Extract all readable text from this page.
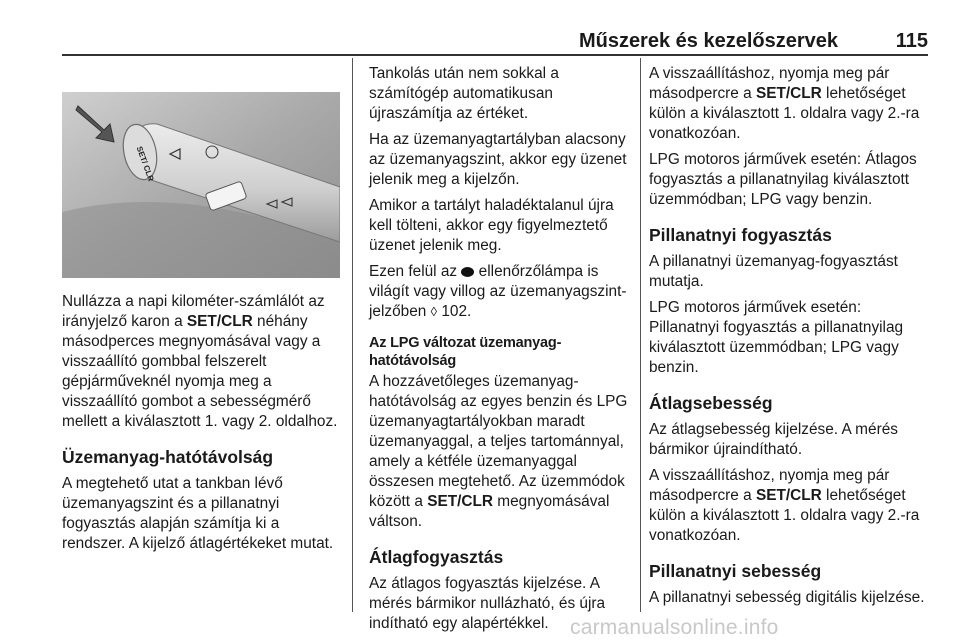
Műszerek és kezelőszervek	115
SET/ CLR

Nullázza a napi kilométer-számlálót az irányjelző karon a SET/CLR néhány másodperces megnyomásával vagy a visszaállító gombbal felszerelt gépjárműveknél nyomja meg a visszaállító gombot a sebességmérő mellett a kiválasztott 1. vagy 2. oldalhoz.

Üzemanyag-hatótávolság

A megtehető utat a tankban lévő üzemanyagszint és a pillanatnyi fogyasztás alapján számítja ki a rendszer. A kijelző átlagértékeket mutat.

Tankolás után nem sokkal a számítógép automatikusan újraszámítja az értéket.

Ha az üzemanyagtartályban alacsony az üzemanyagszint, akkor egy üzenet jelenik meg a kijelzőn.

Amikor a tartályt haladéktalanul újra kell tölteni, akkor egy figyelmeztető üzenet jelenik meg.

Ezen felül az  ellenőrzőlámpa is világít vagy villog az üzemanyagszint-jelzőben ◊ 102.

Az LPG változat üzemanyag-hatótávolság

A hozzávetőleges üzemanyag-hatótávolság az egyes benzin és LPG üzemanyagtartályokban maradt üzemanyaggal, a teljes tartománnyal, amely a kétféle üzemanyaggal összesen megtehető. Az üzemmódok között a SET/CLR megnyomásával váltson.

Átlagfogyasztás

Az átlagos fogyasztás kijelzése. A mérés bármikor nullázható, és újra indítható egy alapértékkel.

A visszaállításhoz, nyomja meg pár másodpercre a SET/CLR lehetőséget külön a kiválasztott 1. oldalra vagy 2.-ra vonatkozóan.

LPG motoros járművek esetén: Átlagos fogyasztás a pillanatnyilag kiválasztott üzemmódban; LPG vagy benzin.

Pillanatnyi fogyasztás

A pillanatnyi üzemanyag-fogyasztást mutatja.

LPG motoros járművek esetén: Pillanatnyi fogyasztás a pillanatnyilag kiválasztott üzemmódban; LPG vagy benzin.

Átlagsebesség

Az átlagsebesség kijelzése. A mérés bármikor újraindítható.

A visszaállításhoz, nyomja meg pár másodpercre a SET/CLR lehetőséget külön a kiválasztott 1. oldalra vagy 2.-ra vonatkozóan.

Pillanatnyi sebesség

A pillanatnyi sebesség digitális kijelzése.

carmanualsonline.info
